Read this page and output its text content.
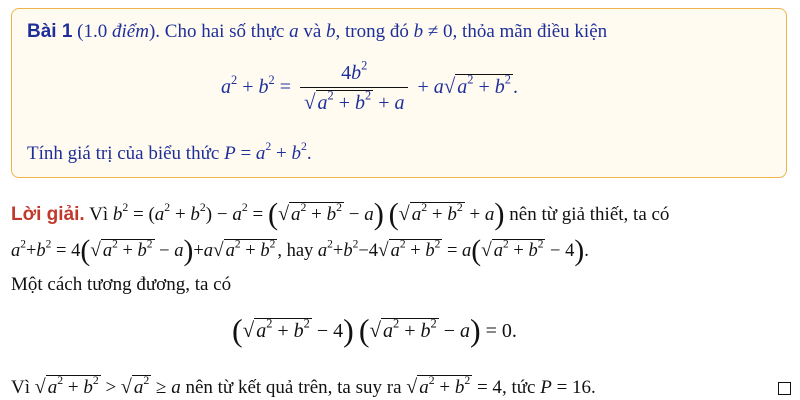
Bài 1 (1.0 điểm). Cho hai số thực a và b, trong đó b ≠ 0, thỏa mãn điều kiện
$a^2 + b^2 = \frac{4b^2}{√ a^2 + b^2 + a} + a√$ $a^2 + b^2$ .
Tính giá trị của biểu thức $P = a^2 + b^2$.
Lời giải. Vì $b^2 = (a^2 + b^2) - a^2$ = (√ $a^2 + b^2 - a$) (√ $a^2 + b^2 + a$) nên từ giả thiết, ta có
$a^2+b^2 = 4(√$ $a^2 + b^2 - a)+a√$ $a^2 + b^2$ , hay $a^2+b^2-4√$ $a^2 + b^2 = a(√$ $a^2 + b^2 - 4$).
Một cách tương đương, ta có
(√ $a^2 + b^2 - 4$) (√ $a^2 + b^2 - a) = 0$.
Vì √ $a^2 + b^2$ > √ $a^2 \ge a$ nên từ kết quả trên, ta suy ra √ $a^2 + b^2 = 4$, tức P = 16.
